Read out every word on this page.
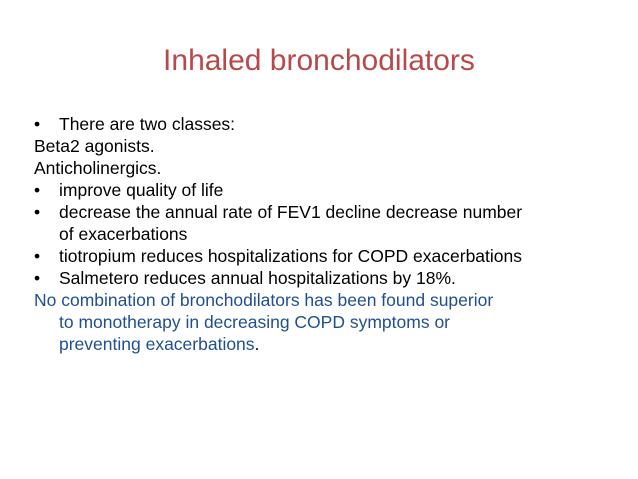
Inhaled bronchodilators
• There are two classes:
Beta2 agonists.
Anticholinergics.
• improve quality of life
• decrease the annual rate of FEV1 decline decrease number
of exacerbations
• tiotropium reduces hospitalizations for COPD exacerbations
• Salmetero reduces annual hospitalizations by 18%.
No combination of bronchodilators has been found superior
to monotherapy in decreasing COPD symptoms or
preventing exacerbations.
